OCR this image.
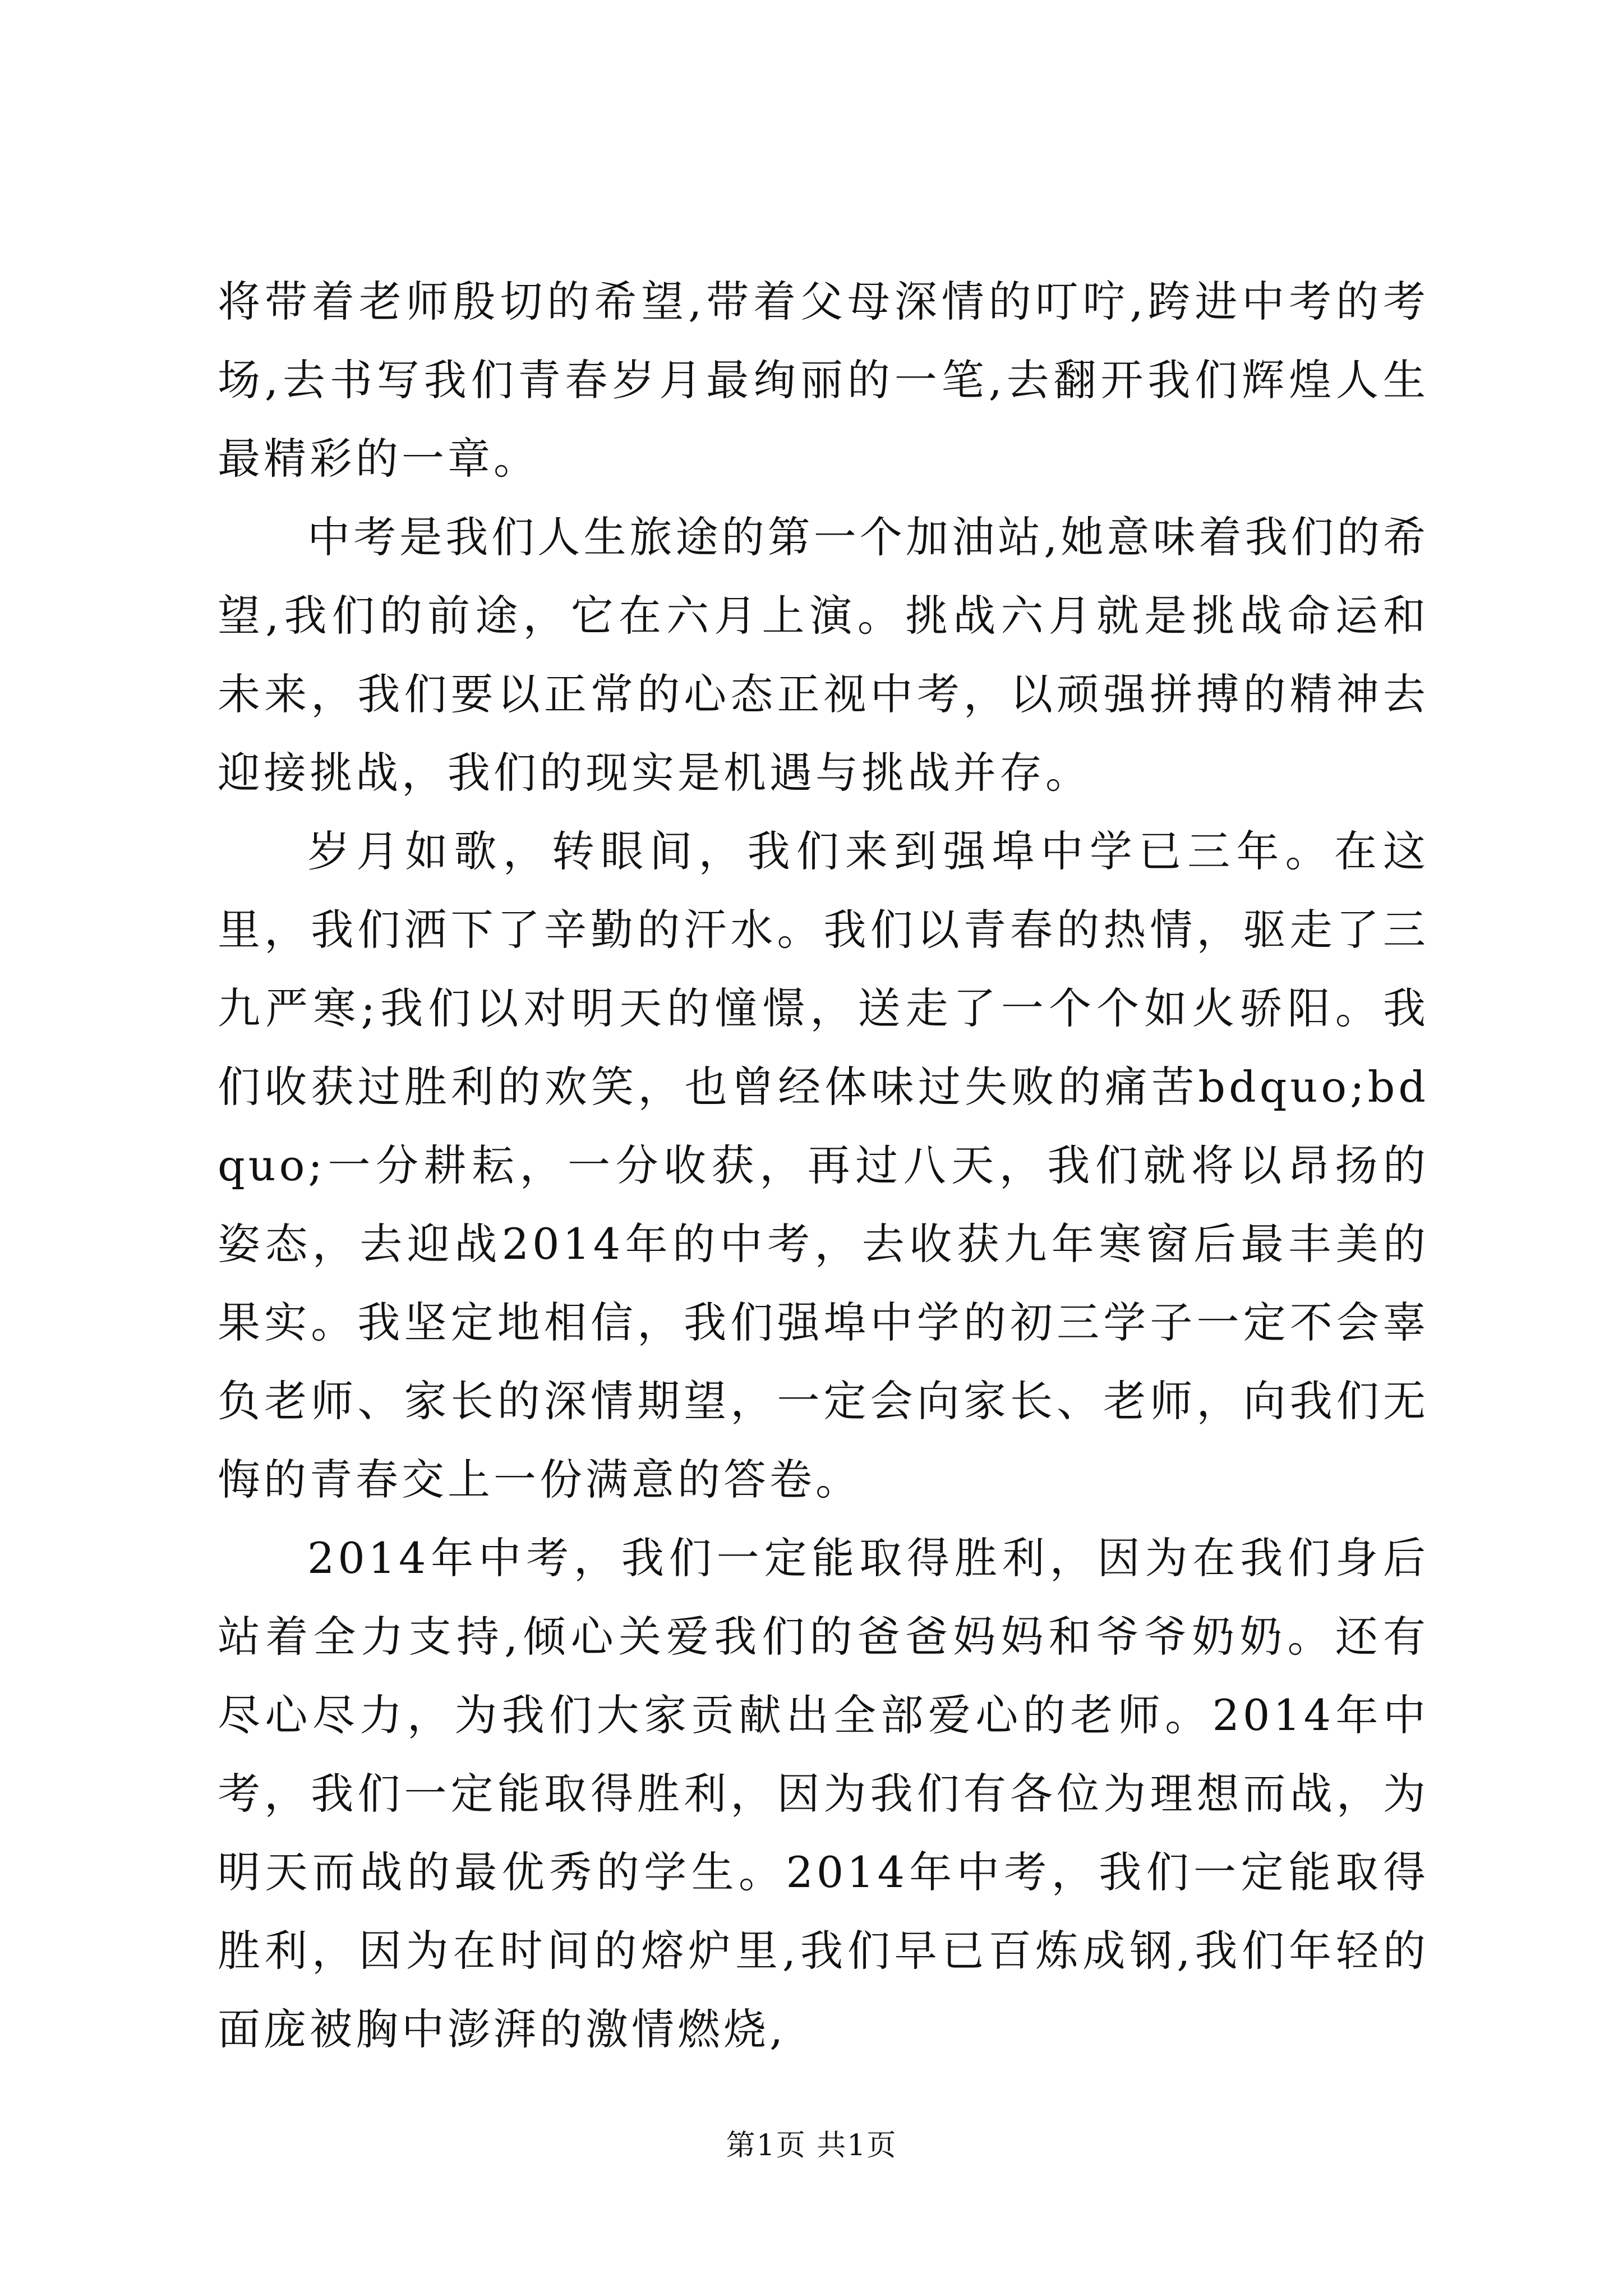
将带着老师殷切的希望,带着父母深情的叮咛,跨进中考的考场,去书写我们青春岁月最绚丽的一笔,去翻开我们辉煌人生最精彩的一章。

中考是我们人生旅途的第一个加油站,她意味着我们的希望,我们的前途，它在六月上演。挑战六月就是挑战命运和未来，我们要以正常的心态正视中考，以顽强拼搏的精神去迎接挑战，我们的现实是机遇与挑战并存。

岁月如歌，转眼间，我们来到强埠中学已三年。在这里，我们洒下了辛勤的汗水。我们以青春的热情，驱走了三九严寒;我们以对明天的憧憬，送走了一个个如火骄阳。我们收获过胜利的欢笑，也曾经体味过失败的痛苦bdquo;bdquo;一分耕耘，一分收获，再过八天，我们就将以昂扬的姿态，去迎战2014年的中考，去收获九年寒窗后最丰美的果实。我坚定地相信，我们强埠中学的初三学子一定不会辜负老师、家长的深情期望，一定会向家长、老师，向我们无悔的青春交上一份满意的答卷。

2014年中考，我们一定能取得胜利，因为在我们身后站着全力支持,倾心关爱我们的爸爸妈妈和爷爷奶奶。还有尽心尽力，为我们大家贡献出全部爱心的老师。2014年中考，我们一定能取得胜利，因为我们有各位为理想而战，为明天而战的最优秀的学生。2014年中考，我们一定能取得胜利，因为在时间的熔炉里,我们早已百炼成钢,我们年轻的面庞被胸中澎湃的激情燃烧,

第1页 共1页
